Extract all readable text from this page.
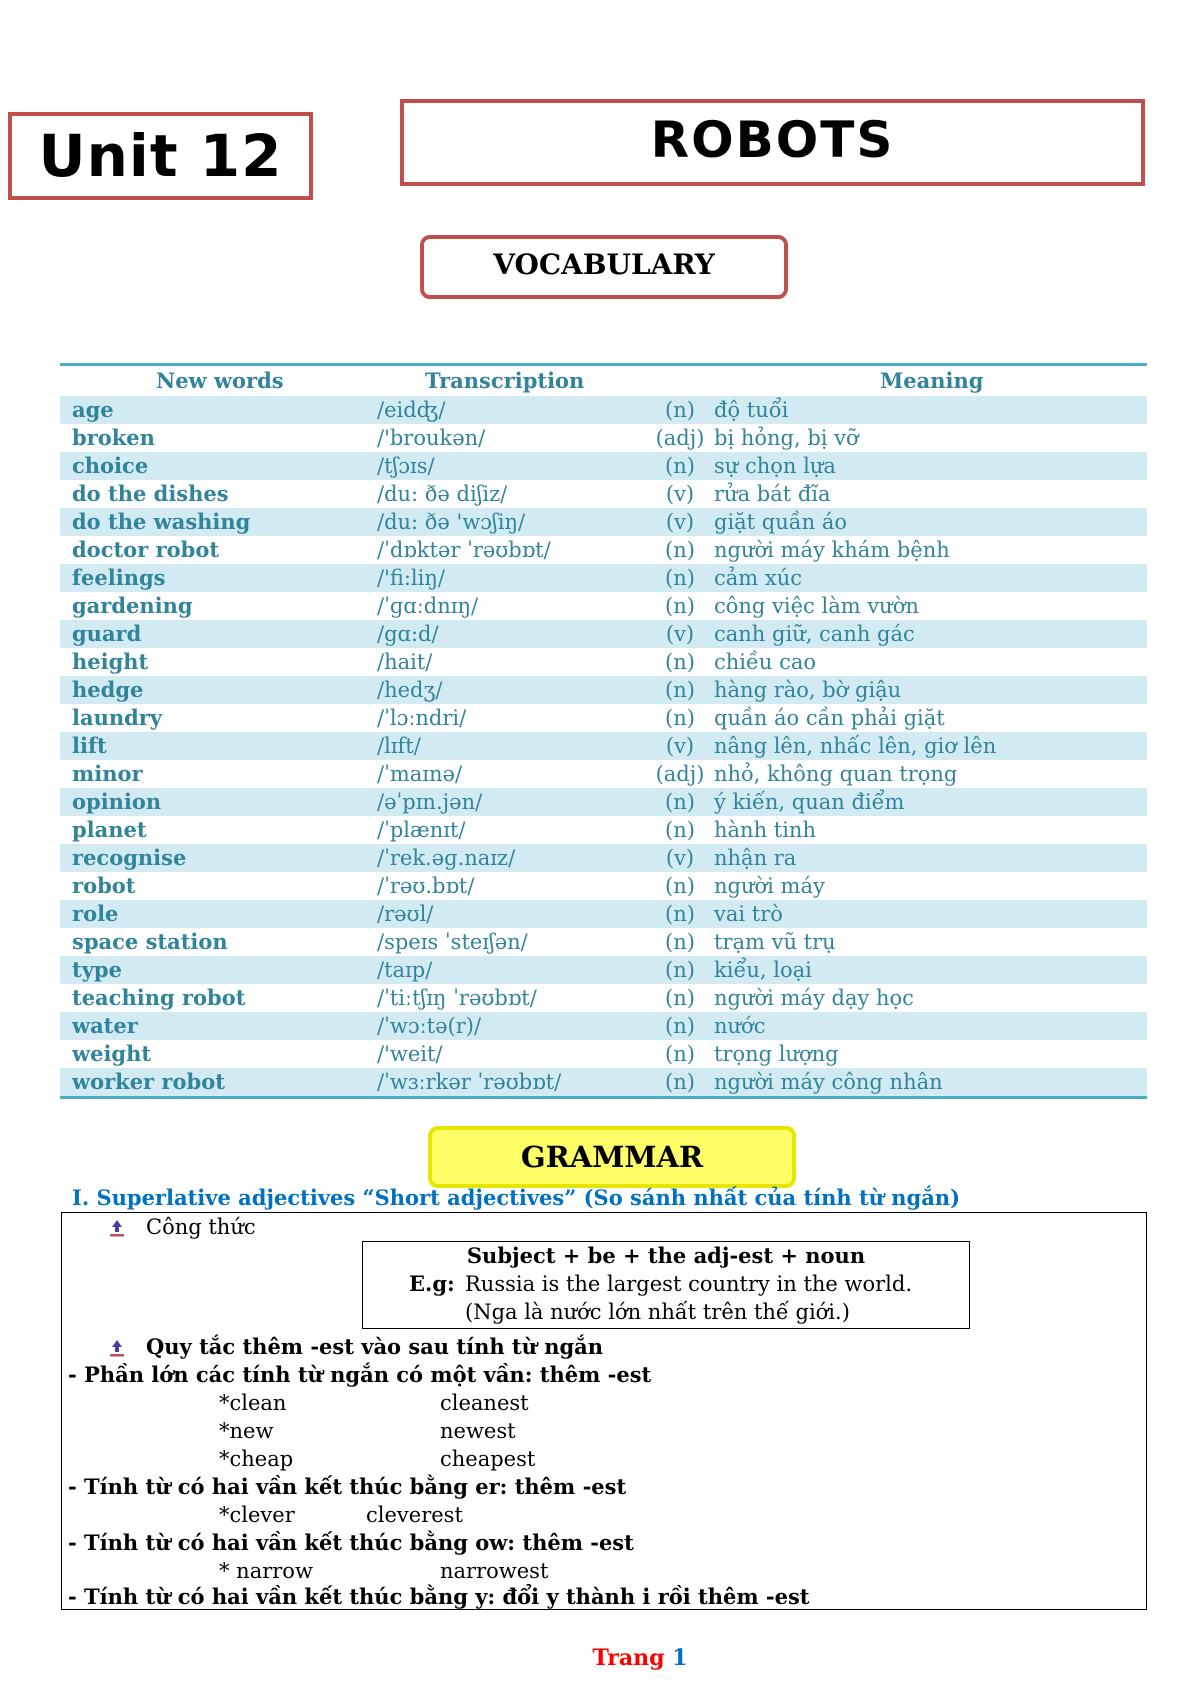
Unit 12	ROBOTS
VOCABULARY
New words	Transcription	Meaning
age	/eidʤ/	(n) độ tuổi
broken	/'broukən/	(adj) bị hỏng, bị vỡ
choice	/tʃɔɪs/	(n) sự chọn lựa
do the dishes	/du: ðə diʃiz/	(v) rửa bát đĩa
do the washing	/du: ðə 'wɔʃiŋ/	(v) giặt quần áo
doctor robot	/ˈdɒktər ˈrəʊbɒt/	(n) người máy khám bệnh
feelings	/'fi:liŋ/	(n) cảm xúc
gardening	/ˈɡɑːdnɪŋ/	(n) công việc làm vườn
guard	/gɑ:d/	(v) canh giữ, canh gác
height	/hait/	(n) chiều cao
hedge	/hedʒ/	(n) hàng rào, bờ giậu
laundry	/ˈlɔːndri/	(n) quần áo cần phải giặt
lift	/lɪft/	(v) nâng lên, nhấc lên, giơ lên
minor	/ˈmaɪnə/	(adj) nhỏ, không quan trọng
opinion	/əˈpɪn.jən/	(n) ý kiến, quan điểm
planet	/ˈplænɪt/	(n) hành tinh
recognise	/ˈrek.əɡ.naɪz/	(v) nhận ra
robot	/ˈrəʊ.bɒt/	(n) người máy
role	/rəʊl/	(n) vai trò
space station	/speɪs ˈsteɪʃən/	(n) trạm vũ trụ
type	/taɪp/	(n) kiểu, loại
teaching robot	/ˈtiːtʃɪŋ ˈrəʊbɒt/	(n) người máy dạy học
water	/ˈwɔːtə(r)/	(n) nước
weight	/'weit/	(n) trọng lượng
worker robot	/ˈwɜːrkər ˈrəʊbɒt/	(n) người máy công nhân
GRAMMAR
I. Superlative adjectives “Short adjectives” (So sánh nhất của tính từ ngắn)
Công thức
Subject + be + the adj-est + noun
E.g: Russia is the largest country in the world.
(Nga là nước lớn nhất trên thế giới.)
Quy tắc thêm -est vào sau tính từ ngắn
- Phần lớn các tính từ ngắn có một vần: thêm -est
*clean	cleanest
*new	newest
*cheap	cheapest
- Tính từ có hai vần kết thúc bằng er: thêm -est
*clever	cleverest
- Tính từ có hai vần kết thúc bằng ow: thêm -est
* narrow	narrowest
- Tính từ có hai vần kết thúc bằng y: đổi y thành i rồi thêm -est
Trang 1
